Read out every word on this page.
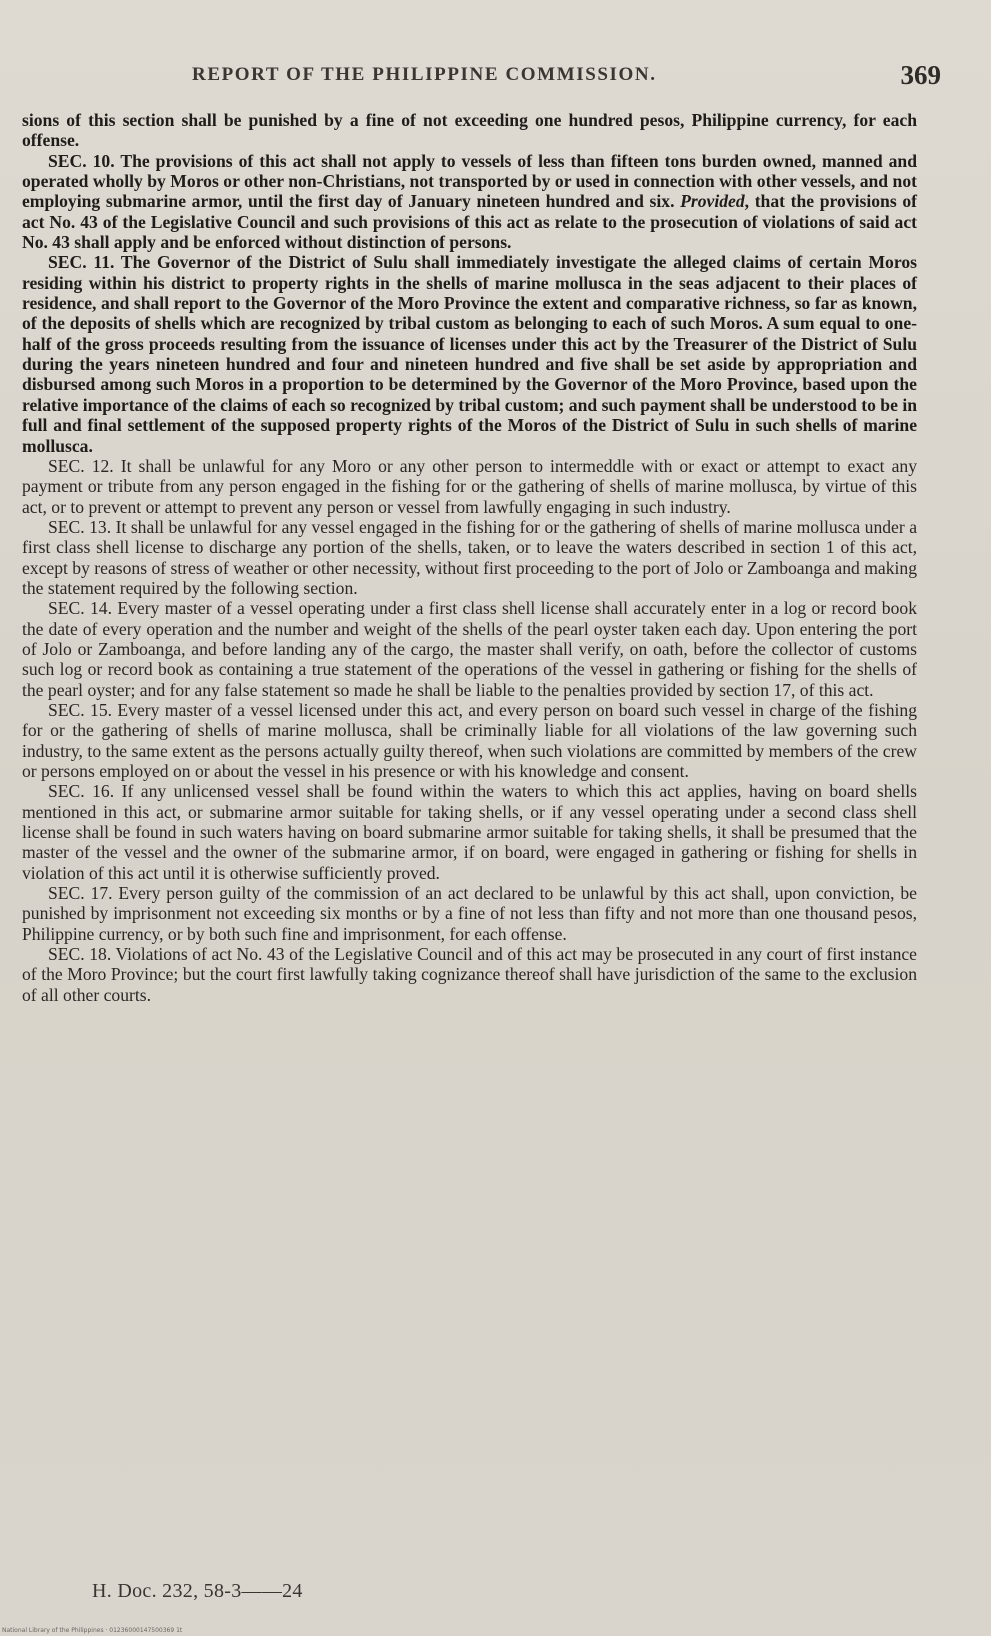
REPORT OF THE PHILIPPINE COMMISSION.	369

sions of this section shall be punished by a fine of not exceeding one hundred pesos, Philippine currency, for each offense.

SEC. 10. The provisions of this act shall not apply to vessels of less than fifteen tons burden owned, manned and operated wholly by Moros or other non-Christians, not transported by or used in connection with other vessels, and not employing submarine armor, until the first day of January nineteen hundred and six. Provided, that the provisions of act No. 43 of the Legislative Council and such provisions of this act as relate to the prosecution of violations of said act No. 43 shall apply and be enforced without distinction of persons.

SEC. 11. The Governor of the District of Sulu shall immediately investigate the alleged claims of certain Moros residing within his district to property rights in the shells of marine mollusca in the seas adjacent to their places of residence, and shall report to the Governor of the Moro Province the extent and comparative richness, so far as known, of the deposits of shells which are recognized by tribal custom as belonging to each of such Moros. A sum equal to one-half of the gross proceeds resulting from the issuance of licenses under this act by the Treasurer of the District of Sulu during the years nineteen hundred and four and nineteen hundred and five shall be set aside by appropriation and disbursed among such Moros in a proportion to be determined by the Governor of the Moro Province, based upon the relative importance of the claims of each so recognized by tribal custom; and such payment shall be understood to be in full and final settlement of the supposed property rights of the Moros of the District of Sulu in such shells of marine mollusca.

SEC. 12. It shall be unlawful for any Moro or any other person to intermeddle with or exact or attempt to exact any payment or tribute from any person engaged in the fishing for or the gathering of shells of marine mollusca, by virtue of this act, or to prevent or attempt to prevent any person or vessel from lawfully engaging in such industry.

SEC. 13. It shall be unlawful for any vessel engaged in the fishing for or the gathering of shells of marine mollusca under a first class shell license to discharge any portion of the shells, taken, or to leave the waters described in section 1 of this act, except by reasons of stress of weather or other necessity, without first proceeding to the port of Jolo or Zamboanga and making the statement required by the following section.

SEC. 14. Every master of a vessel operating under a first class shell license shall accurately enter in a log or record book the date of every operation and the number and weight of the shells of the pearl oyster taken each day. Upon entering the port of Jolo or Zamboanga, and before landing any of the cargo, the master shall verify, on oath, before the collector of customs such log or record book as containing a true statement of the operations of the vessel in gathering or fishing for the shells of the pearl oyster; and for any false statement so made he shall be liable to the penalties provided by section 17, of this act.

SEC. 15. Every master of a vessel licensed under this act, and every person on board such vessel in charge of the fishing for or the gathering of shells of marine mollusca, shall be criminally liable for all violations of the law governing such industry, to the same extent as the persons actually guilty thereof, when such violations are committed by members of the crew or persons employed on or about the vessel in his presence or with his knowledge and consent.

SEC. 16. If any unlicensed vessel shall be found within the waters to which this act applies, having on board shells mentioned in this act, or submarine armor suitable for taking shells, or if any vessel operating under a second class shell license shall be found in such waters having on board submarine armor suitable for taking shells, it shall be presumed that the master of the vessel and the owner of the submarine armor, if on board, were engaged in gathering or fishing for shells in violation of this act until it is otherwise sufficiently proved.

SEC. 17. Every person guilty of the commission of an act declared to be unlawful by this act shall, upon conviction, be punished by imprisonment not exceeding six months or by a fine of not less than fifty and not more than one thousand pesos, Philippine currency, or by both such fine and imprisonment, for each offense.

SEC. 18. Violations of act No. 43 of the Legislative Council and of this act may be prosecuted in any court of first instance of the Moro Province; but the court first lawfully taking cognizance thereof shall have jurisdiction of the same to the exclusion of all other courts.

H. Doc. 232, 58-3——24
National Library of the Philippines · 01236000147500369 1t
